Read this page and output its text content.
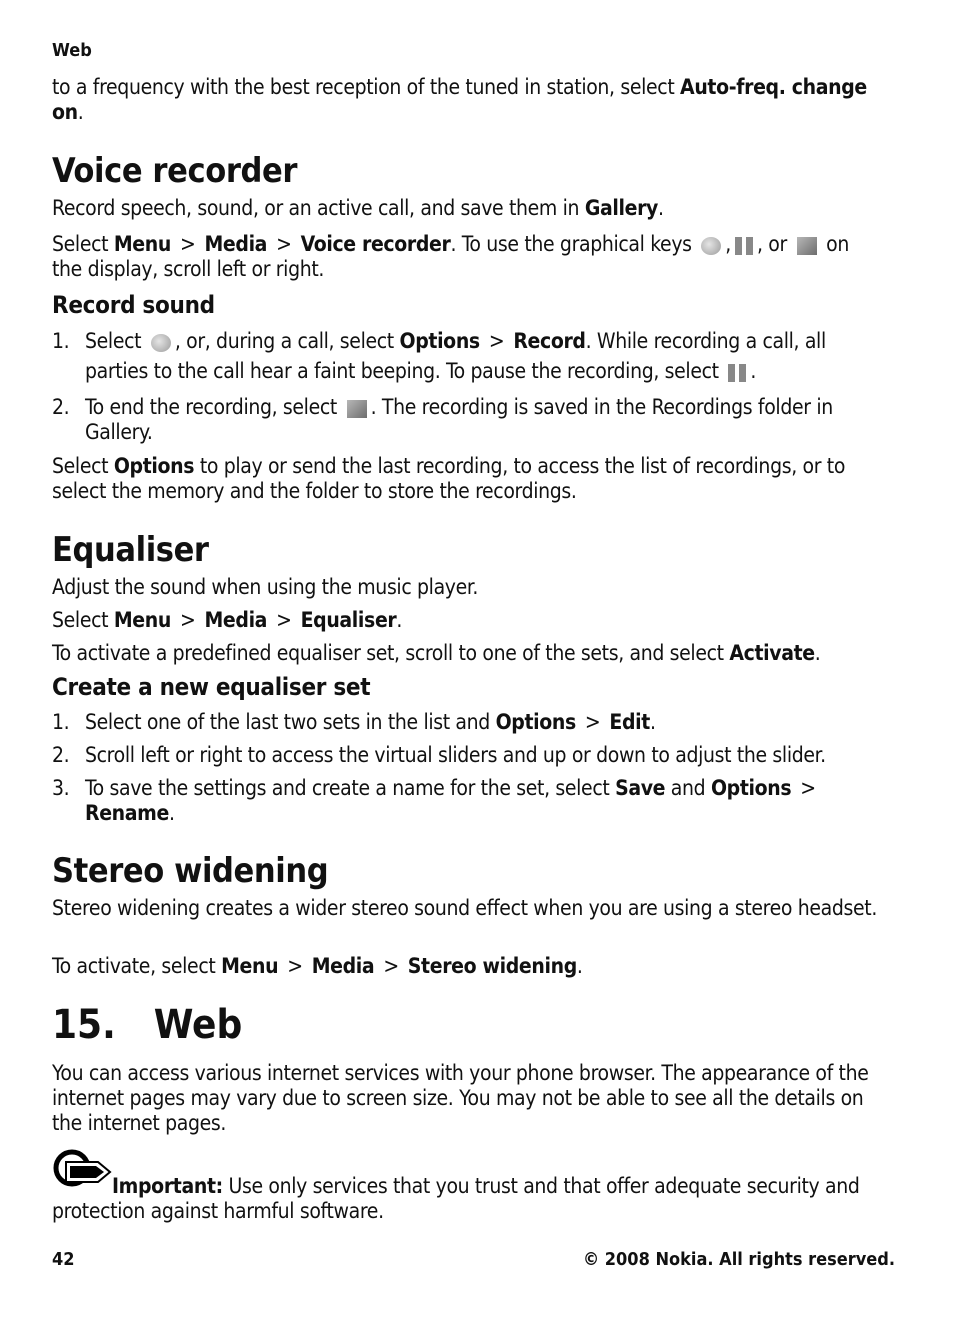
Web

to a frequency with the best reception of the tuned in station, select Auto-freq. change on.

Voice recorder

Record speech, sound, or an active call, and save them in Gallery.

Select Menu > Media > Voice recorder. To use the graphical keys , , or  on
the display, scroll left or right.

Record sound

1. Select , or, during a call, select Options > Record. While recording a call, all

parties to the call hear a faint beeping. To pause the recording, select .

2. To end the recording, select . The recording is saved in the Recordings folder in

Gallery.

Select Options to play or send the last recording, to access the list of recordings, or to select the memory and the folder to store the recordings.

Equaliser

Adjust the sound when using the music player.

Select Menu > Media > Equaliser.

To activate a predefined equaliser set, scroll to one of the sets, and select Activate.

Create a new equaliser set

1. Select one of the last two sets in the list and Options > Edit.

2. Scroll left or right to access the virtual sliders and up or down to adjust the slider.

3. To save the settings and create a name for the set, select Save and Options >
Rename.

Stereo widening

Stereo widening creates a wider stereo sound effect when you are using a stereo headset.

To activate, select Menu > Media > Stereo widening.

15. Web

You can access various internet services with your phone browser. The appearance of the internet pages may vary due to screen size. You may not be able to see all the details on the internet pages.

Important: Use only services that you trust and that offer adequate security and protection against harmful software.

42	© 2008 Nokia. All rights reserved.
